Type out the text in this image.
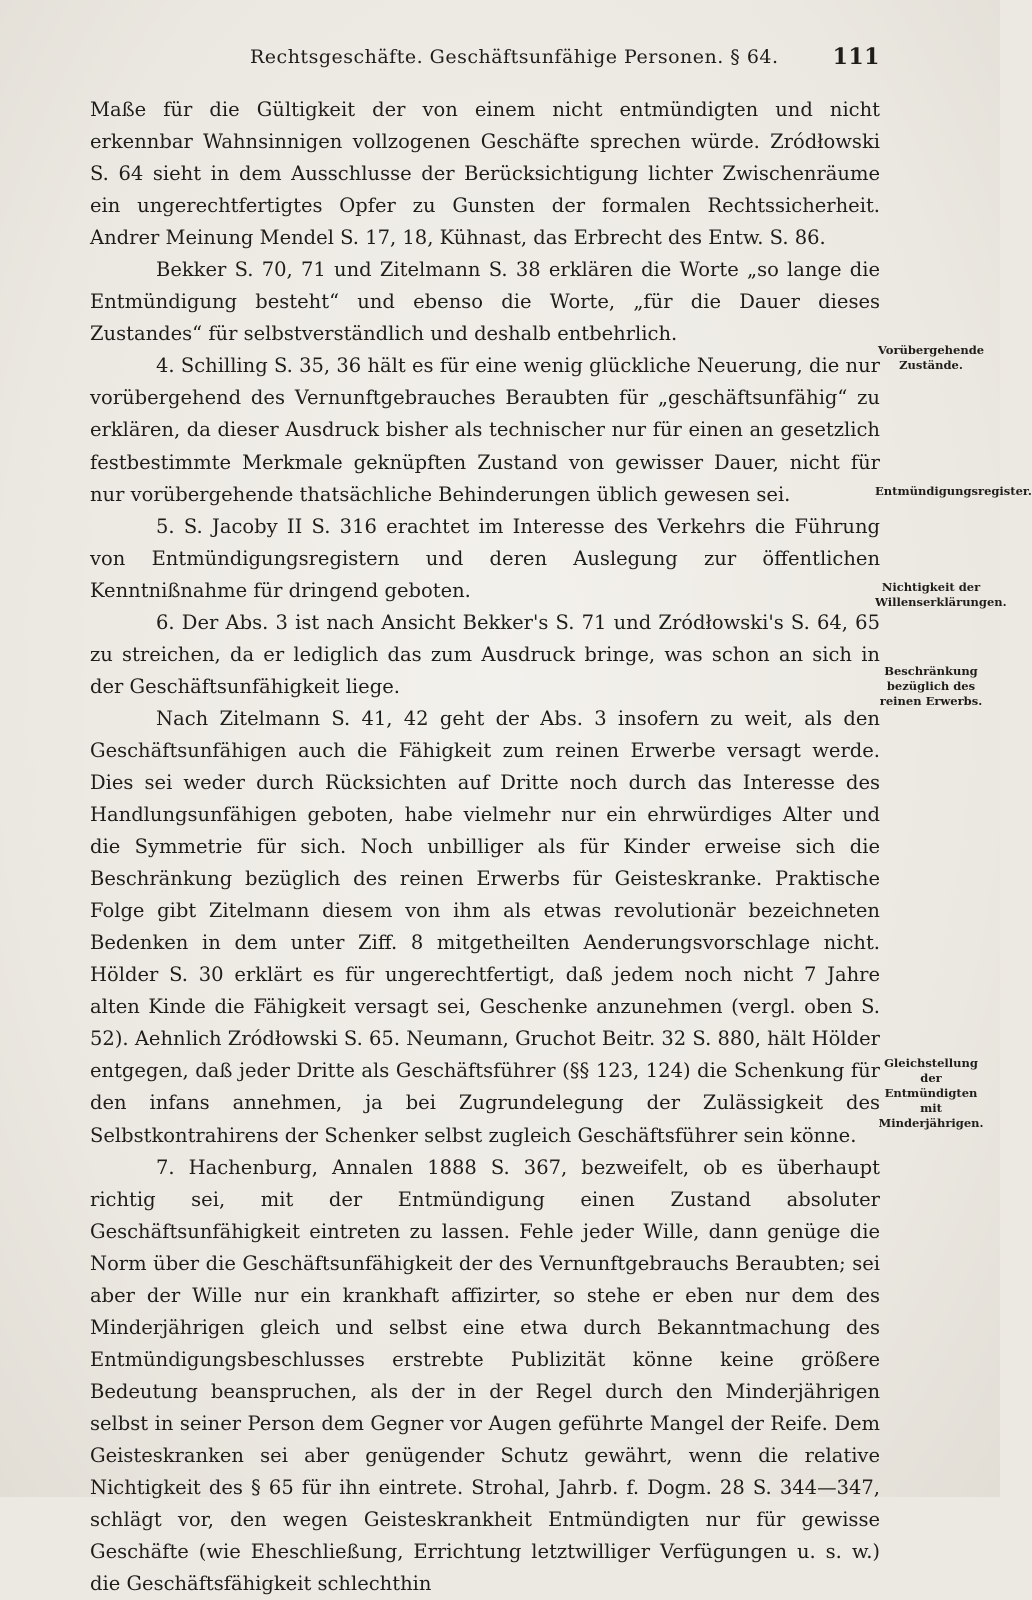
Rechtsgeschäfte. Geschäftsunfähige Personen. § 64. 111

Maße für die Gültigkeit der von einem nicht entmündigten und nicht erkennbar Wahnsinnigen vollzogenen Geschäfte sprechen würde. Zródłowski S. 64 sieht in dem Ausschlusse der Berücksichtigung lichter Zwischenräume ein ungerechtfertigtes Opfer zu Gunsten der formalen Rechtssicherheit. Andrer Meinung Mendel S. 17, 18, Kühnast, das Erbrecht des Entw. S. 86.

Bekker S. 70, 71 und Zitelmann S. 38 erklären die Worte „so lange die Entmündigung besteht“ und ebenso die Worte, „für die Dauer dieses Zustandes“ für selbstverständlich und deshalb entbehrlich.

4. Schilling S. 35, 36 hält es für eine wenig glückliche Neuerung, die nur vorübergehend des Vernunftgebrauches Beraubten für „geschäftsunfähig“ zu erklären, da dieser Ausdruck bisher als technischer nur für einen an gesetzlich festbestimmte Merkmale geknüpften Zustand von gewisser Dauer, nicht für nur vorübergehende thatsächliche Behinderungen üblich gewesen sei.

5. S. Jacoby II S. 316 erachtet im Interesse des Verkehrs die Führung von Entmündigungsregistern und deren Auslegung zur öffentlichen Kenntnißnahme für dringend geboten.

6. Der Abs. 3 ist nach Ansicht Bekker's S. 71 und Zródłowski's S. 64, 65 zu streichen, da er lediglich das zum Ausdruck bringe, was schon an sich in der Geschäftsunfähigkeit liege.

Nach Zitelmann S. 41, 42 geht der Abs. 3 insofern zu weit, als den Geschäftsunfähigen auch die Fähigkeit zum reinen Erwerbe versagt werde. Dies sei weder durch Rücksichten auf Dritte noch durch das Interesse des Handlungsunfähigen geboten, habe vielmehr nur ein ehrwürdiges Alter und die Symmetrie für sich. Noch unbilliger als für Kinder erweise sich die Beschränkung bezüglich des reinen Erwerbs für Geisteskranke. Praktische Folge gibt Zitelmann diesem von ihm als etwas revolutionär bezeichneten Bedenken in dem unter Ziff. 8 mitgetheilten Aenderungsvorschlage nicht. Hölder S. 30 erklärt es für ungerechtfertigt, daß jedem noch nicht 7 Jahre alten Kinde die Fähigkeit versagt sei, Geschenke anzunehmen (vergl. oben S. 52). Aehnlich Zródłowski S. 65. Neumann, Gruchot Beitr. 32 S. 880, hält Hölder entgegen, daß jeder Dritte als Geschäftsführer (§§ 123, 124) die Schenkung für den infans annehmen, ja bei Zugrundelegung der Zulässigkeit des Selbstkontrahirens der Schenker selbst zugleich Geschäftsführer sein könne.

7. Hachenburg, Annalen 1888 S. 367, bezweifelt, ob es überhaupt richtig sei, mit der Entmündigung einen Zustand absoluter Geschäftsunfähigkeit eintreten zu lassen. Fehle jeder Wille, dann genüge die Norm über die Geschäftsunfähigkeit der des Vernunftgebrauchs Beraubten; sei aber der Wille nur ein krankhaft affizirter, so stehe er eben nur dem des Minderjährigen gleich und selbst eine etwa durch Bekanntmachung des Entmündigungsbeschlusses erstrebte Publizität könne keine größere Bedeutung beanspruchen, als der in der Regel durch den Minderjährigen selbst in seiner Person dem Gegner vor Augen geführte Mangel der Reife. Dem Geisteskranken sei aber genügender Schutz gewährt, wenn die relative Nichtigkeit des § 65 für ihn eintrete. Strohal, Jahrb. f. Dogm. 28 S. 344—347, schlägt vor, den wegen Geisteskrankheit Entmündigten nur für gewisse Geschäfte (wie Eheschließung, Errichtung letztwilliger Verfügungen u. s. w.) die Geschäftsfähigkeit schlechthin

Vorübergehende Zustände.
Entmündigungsregister.
Nichtigkeit der Willenserklärungen.
Beschränkung bezüglich des reinen Erwerbs.
Gleichstellung der Entmündigten mit Minderjährigen.
